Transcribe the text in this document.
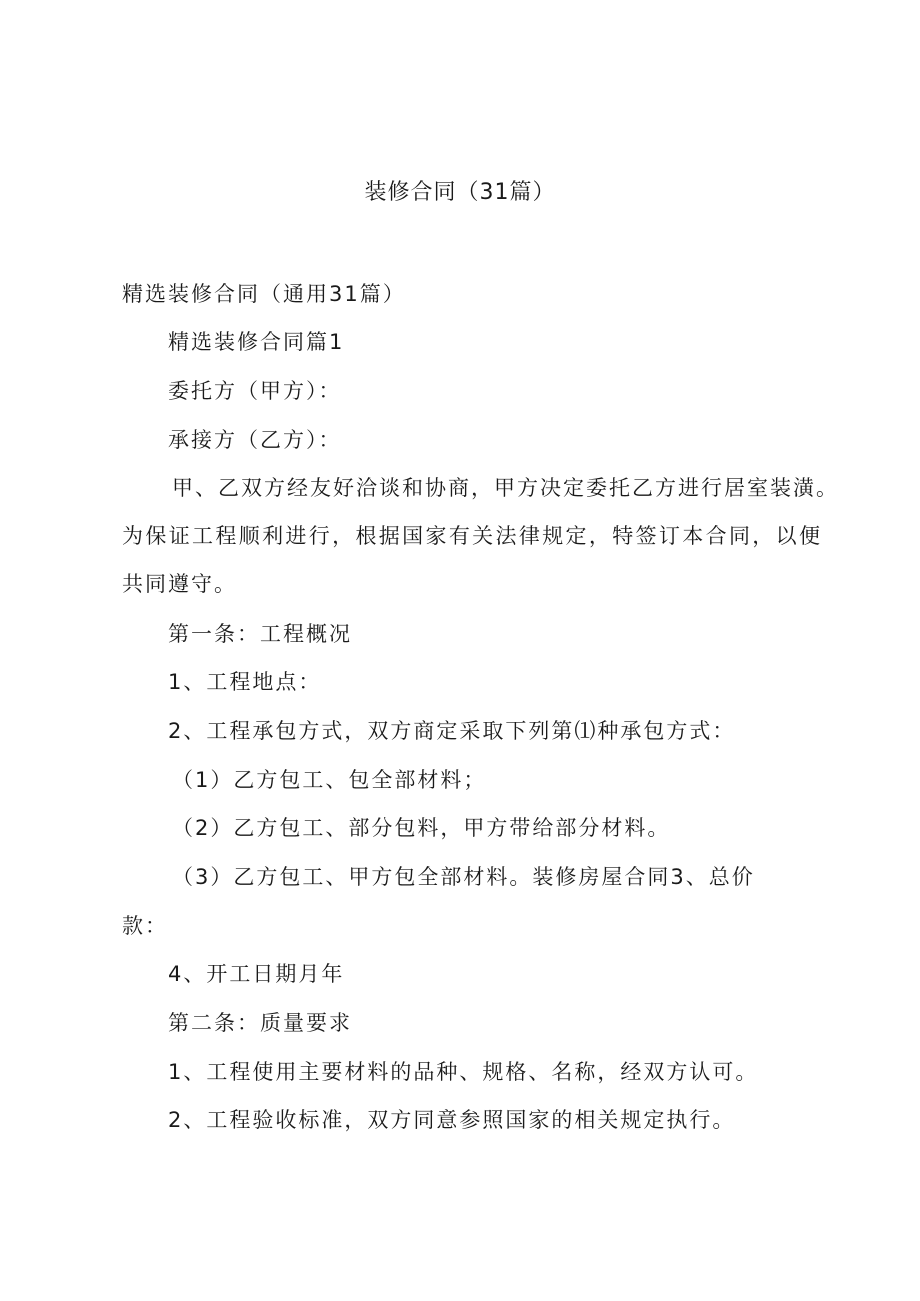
装修合同（31篇）
精选装修合同（通用31篇）
精选装修合同篇1
委托方（甲方）：
承接方（乙方）：
甲、乙双方经友好洽谈和协商，甲方决定委托乙方进行居室装潢。
为保证工程顺利进行，根据国家有关法律规定，特签订本合同，以便
共同遵守。
第一条：工程概况
1、工程地点：
2、工程承包方式，双方商定采取下列第⑴种承包方式：
（1）乙方包工、包全部材料；
（2）乙方包工、部分包料，甲方带给部分材料。
（3）乙方包工、甲方包全部材料。装修房屋合同3、总价
款：
4、开工日期月年
第二条：质量要求
1、工程使用主要材料的品种、规格、名称，经双方认可。
2、工程验收标准，双方同意参照国家的相关规定执行。
